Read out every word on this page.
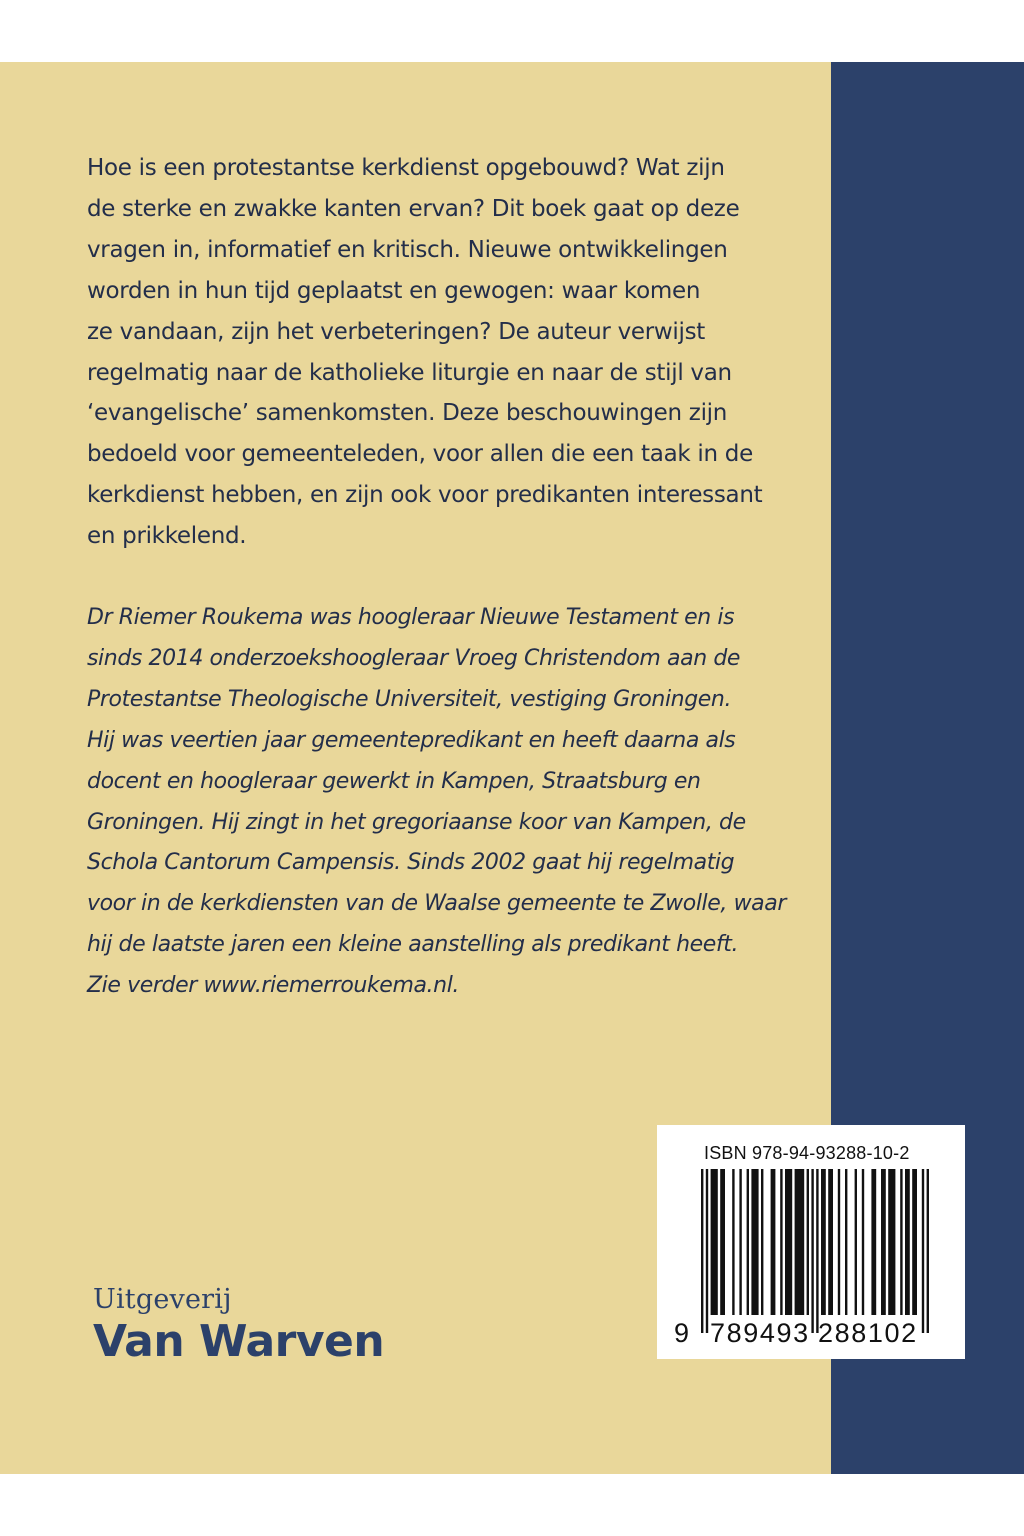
Hoe is een protestantse kerkdienst opgebouwd? Wat zijn
de sterke en zwakke kanten ervan? Dit boek gaat op deze
vragen in, informatief en kritisch. Nieuwe ontwikkelingen
worden in hun tijd geplaatst en gewogen: waar komen
ze vandaan, zijn het verbeteringen? De auteur verwijst
regelmatig naar de katholieke liturgie en naar de stijl van
‘evangelische’ samenkomsten. Deze beschouwingen zijn
bedoeld voor gemeenteleden, voor allen die een taak in de
kerkdienst hebben, en zijn ook voor predikanten interessant
en prikkelend.

Dr Riemer Roukema was hoogleraar Nieuwe Testament en is
sinds 2014 onderzoekshoogleraar Vroeg Christendom aan de
Protestantse Theologische Universiteit, vestiging Groningen.
Hij was veertien jaar gemeentepredikant en heeft daarna als
docent en hoogleraar gewerkt in Kampen, Straatsburg en
Groningen. Hij zingt in het gregoriaanse koor van Kampen, de
Schola Cantorum Campensis. Sinds 2002 gaat hij regelmatig
voor in de kerkdiensten van de Waalse gemeente te Zwolle, waar
hij de laatste jaren een kleine aanstelling als predikant heeft.
Zie verder www.riemerroukema.nl.

Uitgeverij
Van Warven
ISBN 978-94-93288-10-2
9 789493 288102
